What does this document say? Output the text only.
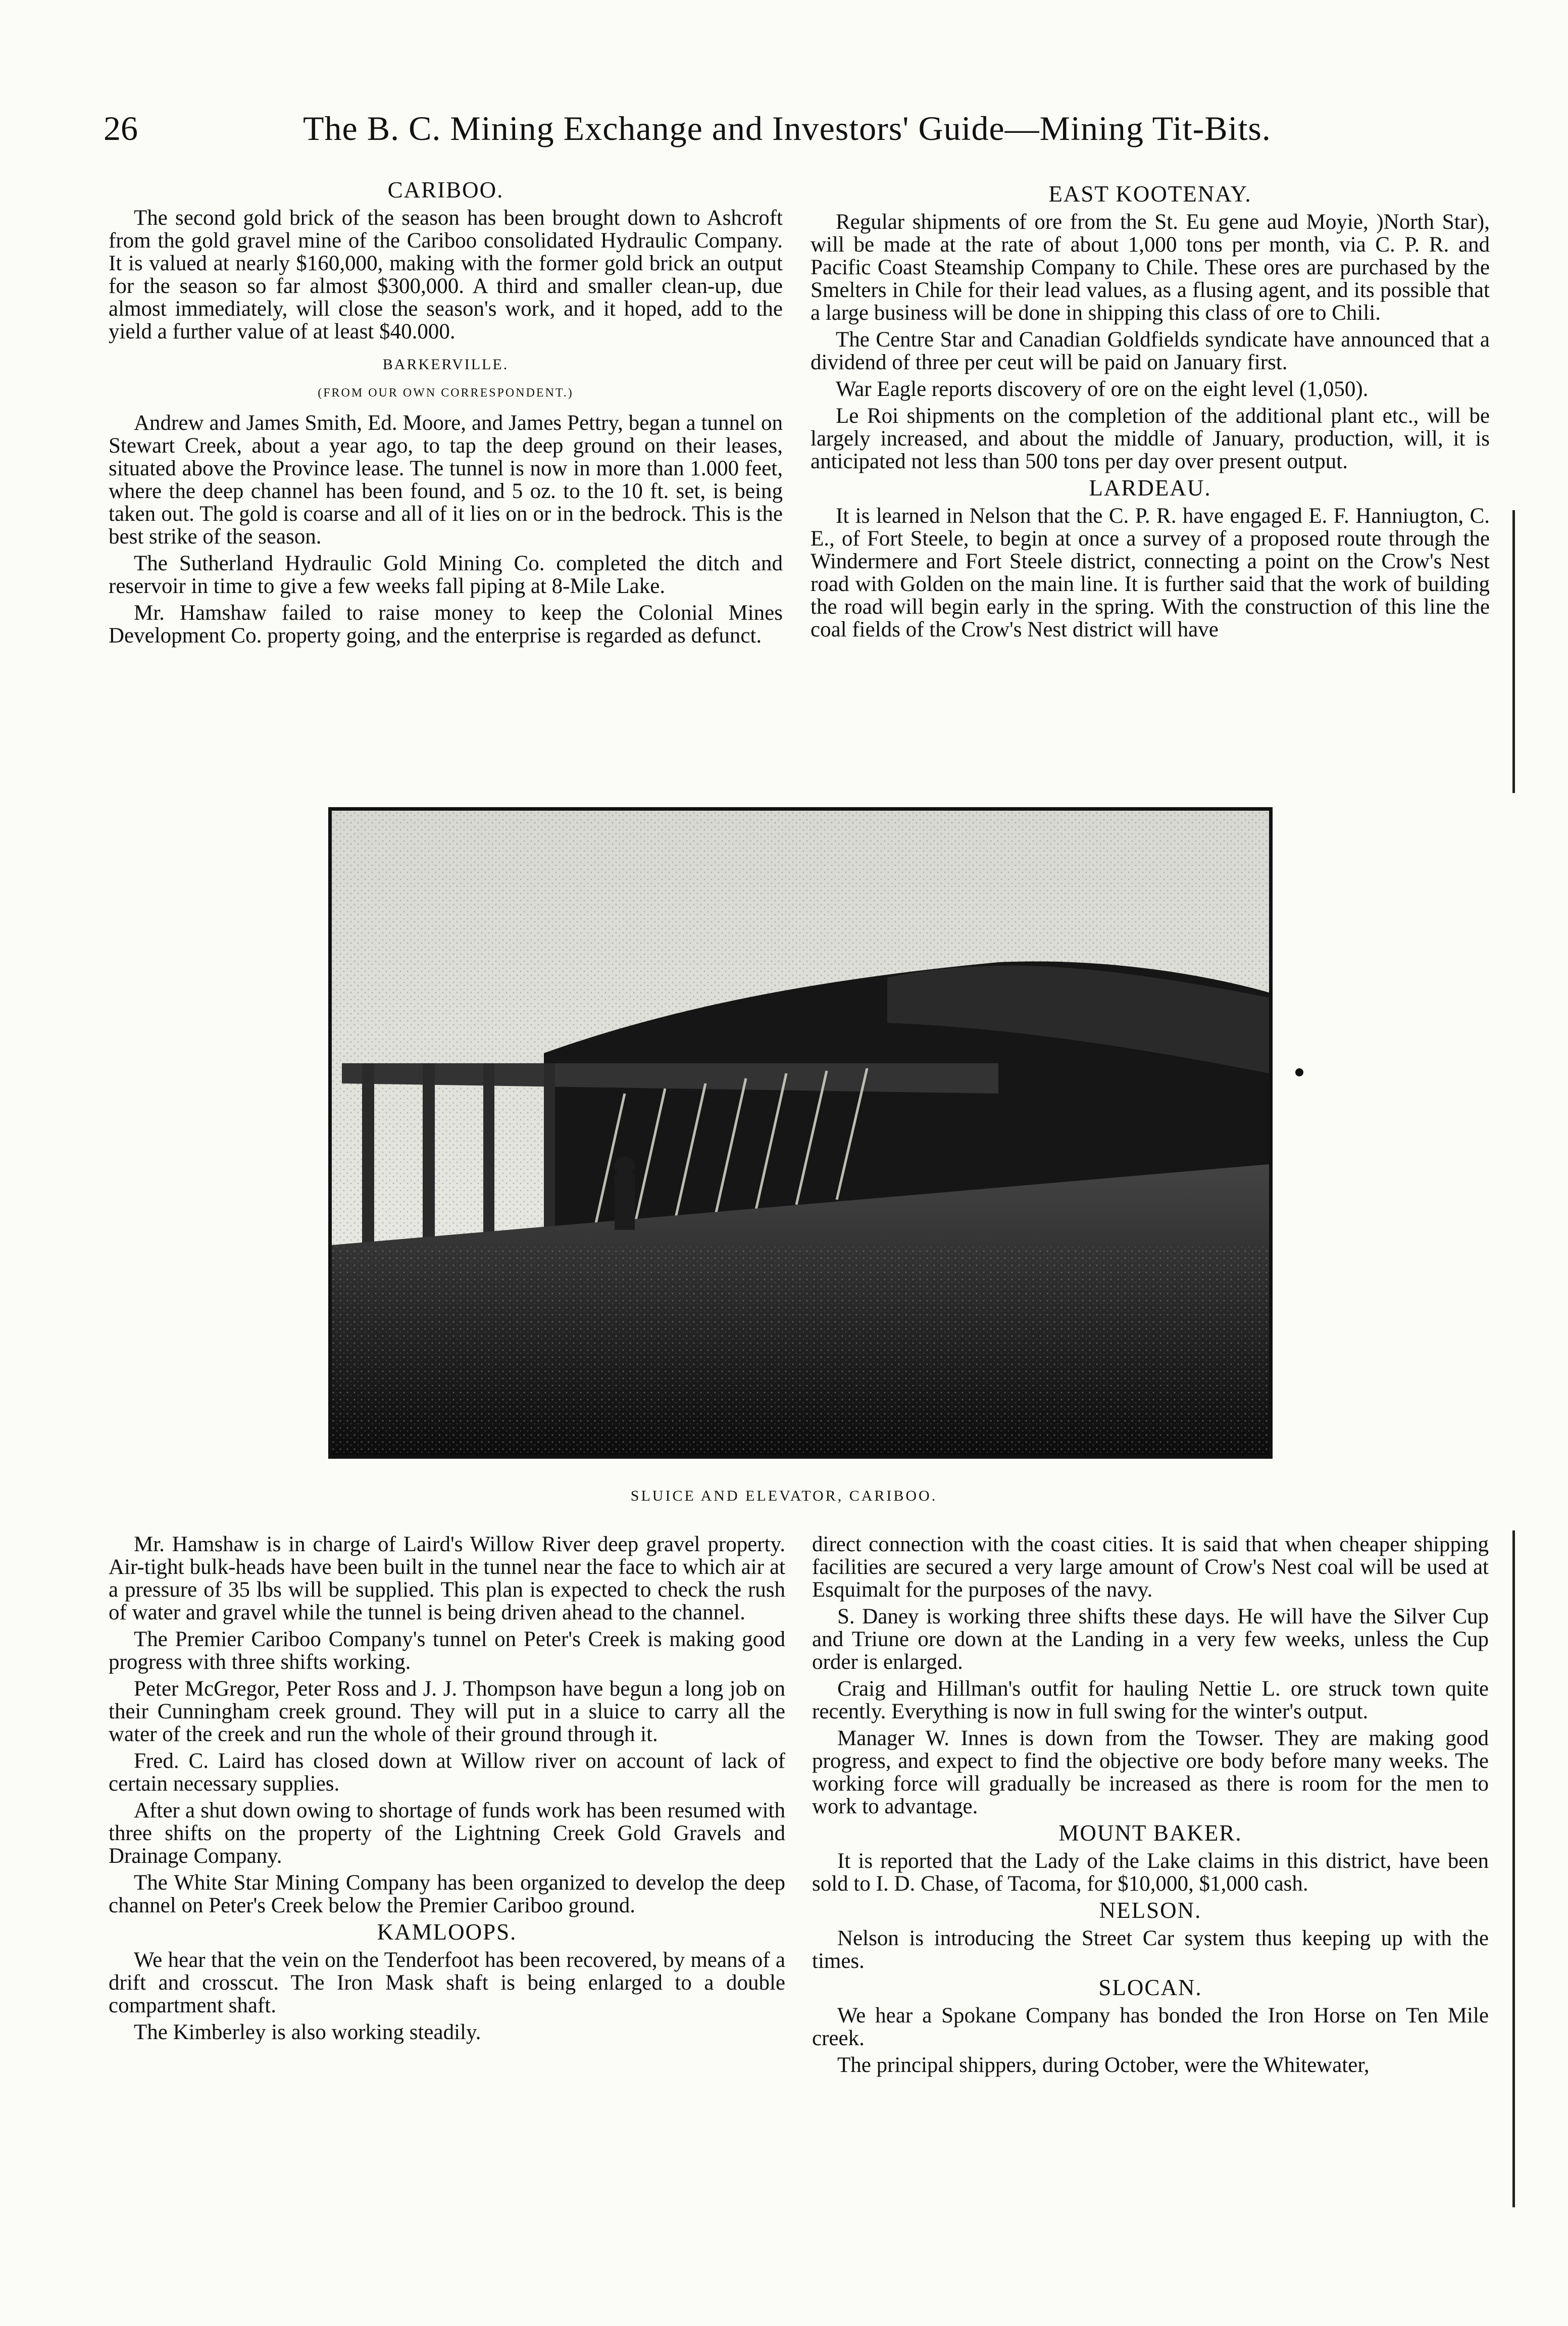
26	The B. C. Mining Exchange and Investors' Guide—Mining Tit-Bits.
CARIBOO.

The second gold brick of the season has been brought down to Ashcroft from the gold gravel mine of the Cariboo consolidated Hydraulic Company. It is valued at nearly $160,000, making with the former gold brick an output for the season so far almost $300,000. A third and smaller clean-up, due almost immediately, will close the season's work, and it hoped, add to the yield a further value of at least $40.000.

BARKERVILLE.
(FROM OUR OWN CORRESPONDENT.)

Andrew and James Smith, Ed. Moore, and James Pettry, began a tunnel on Stewart Creek, about a year ago, to tap the deep ground on their leases, situated above the Province lease. The tunnel is now in more than 1.000 feet, where the deep channel has been found, and 5 oz. to the 10 ft. set, is being taken out. The gold is coarse and all of it lies on or in the bedrock. This is the best strike of the season.

The Sutherland Hydraulic Gold Mining Co. completed the ditch and reservoir in time to give a few weeks fall piping at 8-Mile Lake.

Mr. Hamshaw failed to raise money to keep the Colonial Mines Development Co. property going, and the enterprise is regarded as defunct.

EAST KOOTENAY.

Regular shipments of ore from the St. Eu gene aud Moyie, )North Star), will be made at the rate of about 1,000 tons per month, via C. P. R. and Pacific Coast Steamship Company to Chile. These ores are purchased by the Smelters in Chile for their lead values, as a flusing agent, and its possible that a large business will be done in shipping this class of ore to Chili.

The Centre Star and Canadian Goldfields syndicate have announced that a dividend of three per ceut will be paid on January first.

War Eagle reports discovery of ore on the eight level (1,050).

Le Roi shipments on the completion of the additional plant etc., will be largely increased, and about the middle of January, production, will, it is anticipated not less than 500 tons per day over present output.

LARDEAU.

It is learned in Nelson that the C. P. R. have engaged E. F. Hanniugton, C. E., of Fort Steele, to begin at once a survey of a proposed route through the Windermere and Fort Steele district, connecting a point on the Crow's Nest road with Golden on the main line. It is further said that the work of building the road will begin early in the spring. With the construction of this line the coal fields of the Crow's Nest district will have

SLUICE AND ELEVATOR, CARIBOO.

Mr. Hamshaw is in charge of Laird's Willow River deep gravel property. Air-tight bulk-heads have been built in the tunnel near the face to which air at a pressure of 35 lbs will be supplied. This plan is expected to check the rush of water and gravel while the tunnel is being driven ahead to the channel.

The Premier Cariboo Company's tunnel on Peter's Creek is making good progress with three shifts working.

Peter McGregor, Peter Ross and J. J. Thompson have begun a long job on their Cunningham creek ground. They will put in a sluice to carry all the water of the creek and run the whole of their ground through it.

Fred. C. Laird has closed down at Willow river on account of lack of certain necessary supplies.

After a shut down owing to shortage of funds work has been resumed with three shifts on the property of the Lightning Creek Gold Gravels and Drainage Company.

The White Star Mining Company has been organized to develop the deep channel on Peter's Creek below the Premier Cariboo ground.

KAMLOOPS.

We hear that the vein on the Tenderfoot has been recovered, by means of a drift and crosscut. The Iron Mask shaft is being enlarged to a double compartment shaft.

The Kimberley is also working steadily.

direct connection with the coast cities. It is said that when cheaper shipping facilities are secured a very large amount of Crow's Nest coal will be used at Esquimalt for the purposes of the navy.

S. Daney is working three shifts these days. He will have the Silver Cup and Triune ore down at the Landing in a very few weeks, unless the Cup order is enlarged.

Craig and Hillman's outfit for hauling Nettie L. ore struck town quite recently. Everything is now in full swing for the winter's output.

Manager W. Innes is down from the Towser. They are making good progress, and expect to find the objective ore body before many weeks. The working force will gradually be increased as there is room for the men to work to advantage.

MOUNT BAKER.

It is reported that the Lady of the Lake claims in this district, have been sold to I. D. Chase, of Tacoma, for $10,000, $1,000 cash.

NELSON.

Nelson is introducing the Street Car system thus keeping up with the times.

SLOCAN.

We hear a Spokane Company has bonded the Iron Horse on Ten Mile creek.

The principal shippers, during October, were the Whitewater,
